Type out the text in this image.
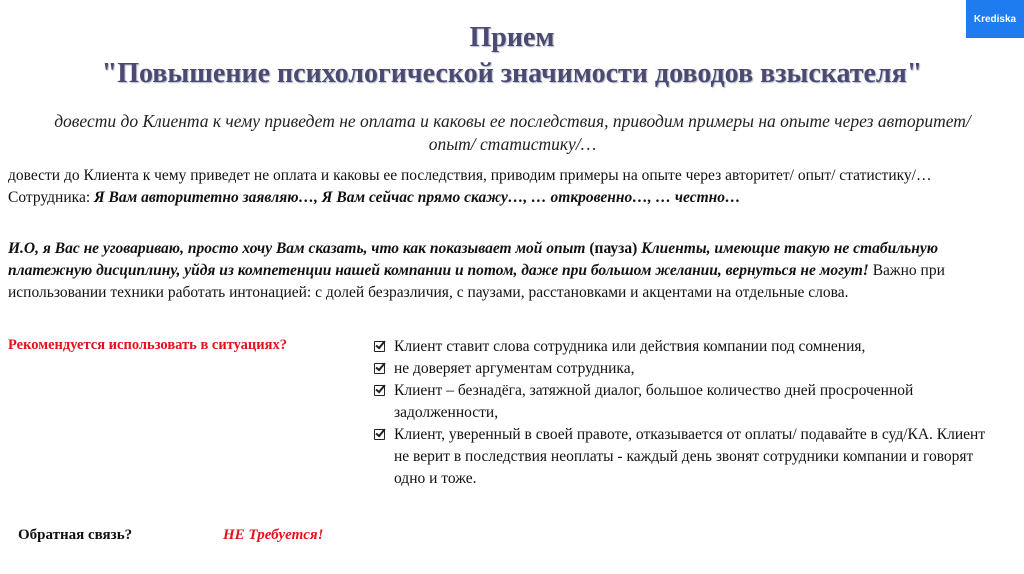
Krediska
Прием
"Повышение психологической значимости доводов взыскателя"
довести до Клиента к чему приведет не оплата и каковы ее последствия, приводим примеры на опыте через авторитет/
опыт/ статистику/…
довести до Клиента к чему приведет не оплата и каковы ее последствия, приводим примеры на опыте через авторитет/ опыт/ статистику/… Сотрудника: Я Вам авторитетно заявляю…, Я Вам сейчас прямо скажу…, … откровенно…, … честно…
И.О, я Вас не уговариваю, просто хочу Вам сказать, что как показывает мой опыт (пауза) Клиенты, имеющие такую не стабильную платежную дисциплину, уйдя из компетенции нашей компании и потом, даже при большом желании, вернуться не могут! Важно при использовании техники работать интонацией: с долей безразличия, с паузами, расстановками и акцентами на отдельные слова.
Рекомендуется использовать в ситуациях?	Клиент ставит слова сотрудника или действия компании под сомнения,
не доверяет аргументам сотрудника,
Клиент – безнадёга, затяжной диалог, большое количество дней просроченной задолженности,
Клиент, уверенный в своей правоте, отказывается от оплаты/ подавайте в суд/КА. Клиент не верит в последствия неоплаты - каждый день звонят сотрудники компании и говорят одно и тоже.
Обратная связь?	НЕ Требуется!
